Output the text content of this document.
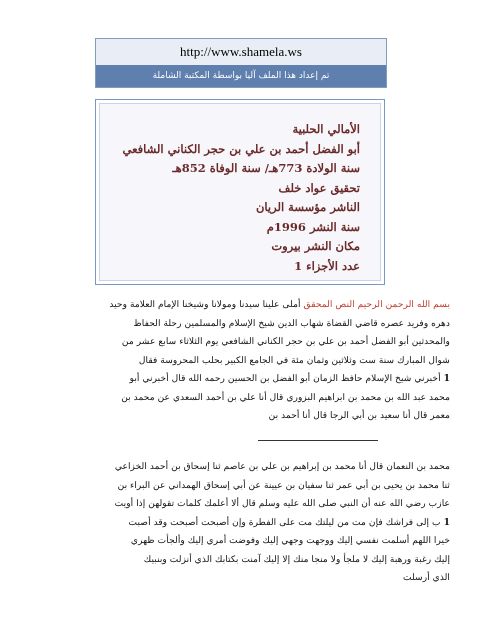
http://www.shamela.ws
تم إعداد هذا الملف آليا بواسطة المكتبة الشاملة
الأمالي الحلبية
أبو الفضل أحمد بن علي بن حجر الكناني الشافعي
سنة الولادة 773هـ/ سنة الوفاة 852هـ
تحقيق عواد خلف
الناشر مؤسسة الريان
سنة النشر 1996م
مكان النشر بيروت
عدد الأجزاء 1
بسم الله الرحمن الرحيم النص المحقق أملى علينا سيدنا ومولانا وشيخنا الإمام العلامة وحيد
دهره وفريد عصره قاضي القضاة شهاب الدين شيخ الإسلام والمسلمين رحلة الحفاظ
والمحدثين أبو الفضل أحمد بن علي بن حجر الكناني الشافعي يوم الثلاثاء سابع عشر من
شوال المبارك سنة ست وثلاثين وثمان مئة في الجامع الكبير بحلب المحروسة فقال
1 أخبرني شيخ الإسلام حافظ الزمان أبو الفضل بن الحسين رحمه الله قال أخبرني أبو
محمد عبد الله بن محمد بن ابراهيم البزوري قال أنا علي بن أحمد السعدي عن محمد بن
معمر قال أنا سعيد بن أبي الرجا قال أنا أحمد بن
محمد بن النعمان قال أنا محمد بن إبراهيم بن علي بن عاصم ثنا إسحاق بن أحمد الخزاعي
ثنا محمد بن يحيى بن أبي عمر ثنا سفيان بن عيينة عن أبي إسحاق الهمداني عن البراء بن
عازب رضي الله عنه أن النبي صلى الله عليه وسلم قال ألا أعلمك كلمات تقولهن إذا أويت
1 ب إلى فراشك فإن مت من ليلتك مت على الفطرة وإن أصبحت أصبحت وقد أصبت
خيرا اللهم أسلمت نفسي إليك ووجهت وجهي إليك وفوضت أمري إليك وألجأت ظهري
إليك رغبة ورهبة إليك لا ملجأ ولا منجا منك إلا إليك آمنت بكتابك الذي أنزلت وبنبيك
الذي أرسلت
